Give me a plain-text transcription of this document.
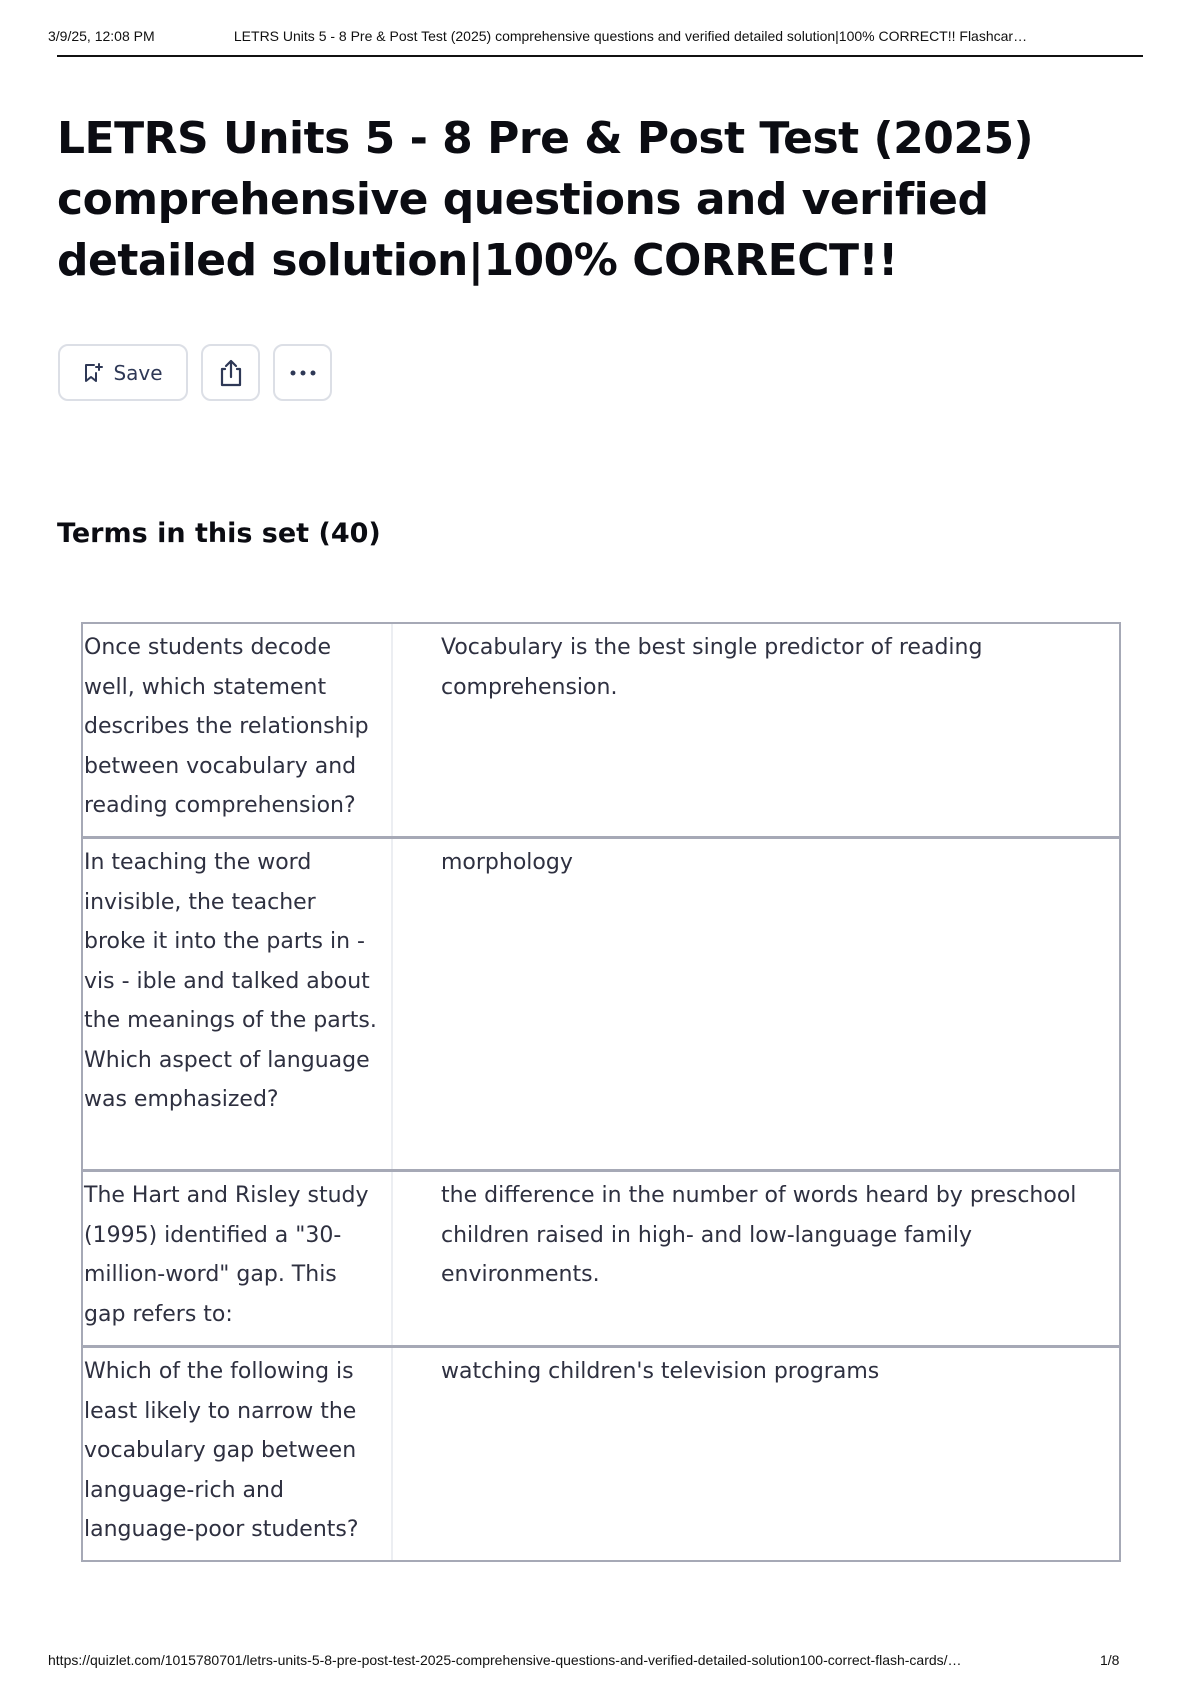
3/9/25, 12:08 PM	LETRS Units 5 - 8 Pre & Post Test (2025) comprehensive questions and verified detailed solution|100% CORRECT!! Flashcar…
LETRS Units 5 - 8 Pre & Post Test (2025) comprehensive questions and verified detailed solution|100% CORRECT!!
Save
Terms in this set (40)
Once students decode well, which statement describes the relationship between vocabulary and reading comprehension?
Vocabulary is the best single predictor of reading comprehension.
In teaching the word invisible, the teacher broke it into the parts in - vis - ible and talked about the meanings of the parts. Which aspect of language was emphasized?
morphology
The Hart and Risley study (1995) identified a "30-million-word" gap. This gap refers to:
the difference in the number of words heard by preschool children raised in high- and low-language family environments.
Which of the following is least likely to narrow the vocabulary gap between language-rich and language-poor students?
watching children's television programs
https://quizlet.com/1015780701/letrs-units-5-8-pre-post-test-2025-comprehensive-questions-and-verified-detailed-solution100-correct-flash-cards/…	1/8
